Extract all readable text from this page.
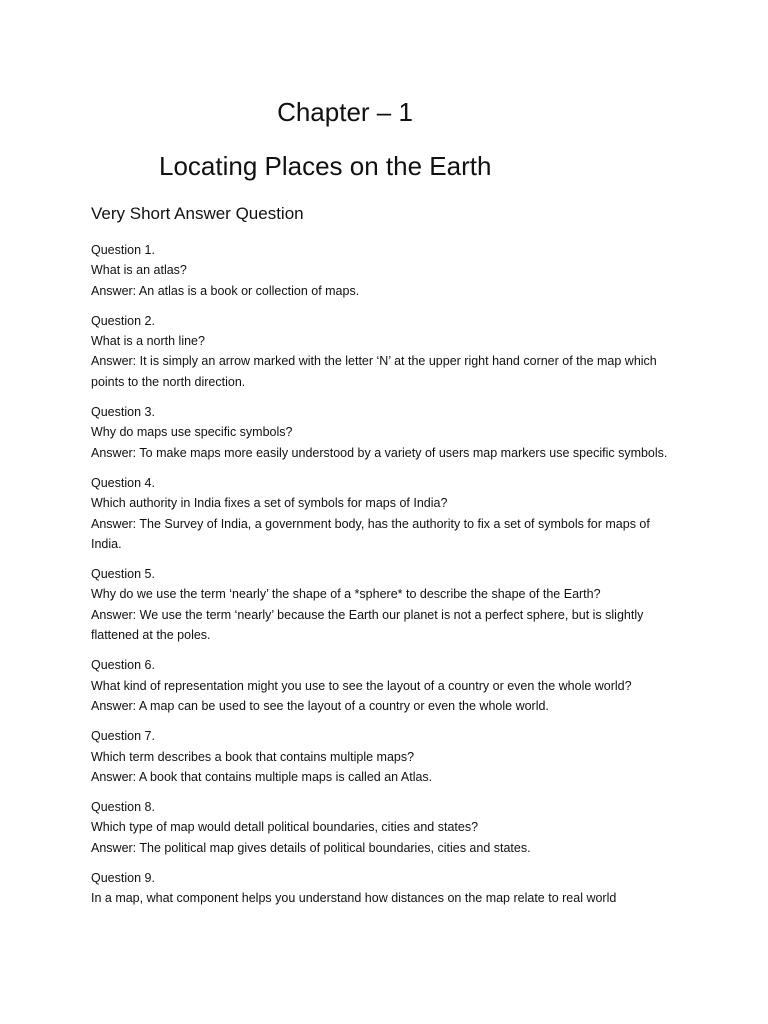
Chapter – 1
Locating Places on the Earth
Very Short Answer Question

Question 1.

What is an atlas?

Answer: An atlas is a book or collection of maps.

Question 2.

What is a north line?

Answer: It is simply an arrow marked with the letter ‘N’ at the upper right hand corner of the map which

points to the north direction.

Question 3.

Why do maps use specific symbols?

Answer: To make maps more easily understood by a variety of users map markers use specific symbols.

Question 4.

Which authority in India fixes a set of symbols for maps of India?

Answer: The Survey of India, a government body, has the authority to fix a set of symbols for maps of

India.

Question 5.

Why do we use the term ‘nearly’ the shape of a *sphere* to describe the shape of the Earth?

Answer: We use the term ‘nearly’ because the Earth our planet is not a perfect sphere, but is slightly

flattened at the poles.

Question 6.

What kind of representation might you use to see the layout of a country or even the whole world?

Answer: A map can be used to see the layout of a country or even the whole world.

Question 7.

Which term describes a book that contains multiple maps?

Answer: A book that contains multiple maps is called an Atlas.

Question 8.

Which type of map would detall political boundaries, cities and states?

Answer: The political map gives details of political boundaries, cities and states.

Question 9.

In a map, what component helps you understand how distances on the map relate to real world
